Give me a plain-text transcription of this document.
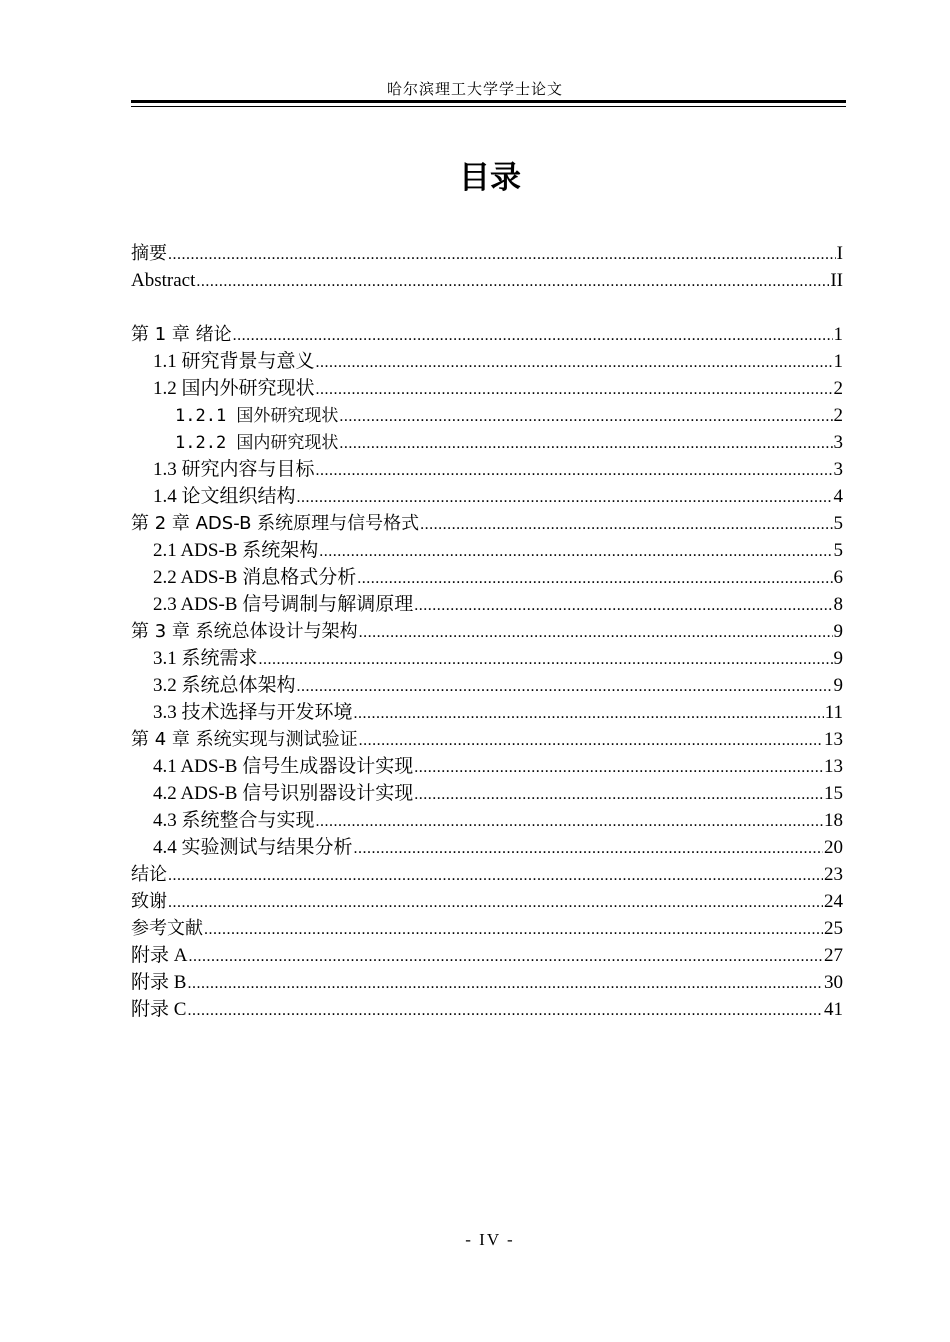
哈尔滨理工大学学士论文
目录
摘要 .....	I
Abstract .....	II
第 1 章 绪论 .....	1
1.1 研究背景与意义 .....	1
1.2 国内外研究现状 .....	2
1.2.1 国外研究现状 .....	2
1.2.2 国内研究现状 .....	3
1.3 研究内容与目标 .....	3
1.4 论文组织结构 .....	4
第 2 章 ADS-B 系统原理与信号格式 .....	5
2.1 ADS-B 系统架构 .....	5
2.2 ADS-B 消息格式分析 .....	6
2.3 ADS-B 信号调制与解调原理 .....	8
第 3 章 系统总体设计与架构 .....	9
3.1 系统需求 .....	9
3.2 系统总体架构 .....	9
3.3 技术选择与开发环境 .....	11
第 4 章 系统实现与测试验证 .....	13
4.1 ADS-B 信号生成器设计实现 .....	13
4.2 ADS-B 信号识别器设计实现 .....	15
4.3 系统整合与实现 .....	18
4.4 实验测试与结果分析 .....	20
结论 .....	23
致谢 .....	24
参考文献 .....	25
附录 A .....	27
附录 B .....	30
附录 C .....	41
- IV -
